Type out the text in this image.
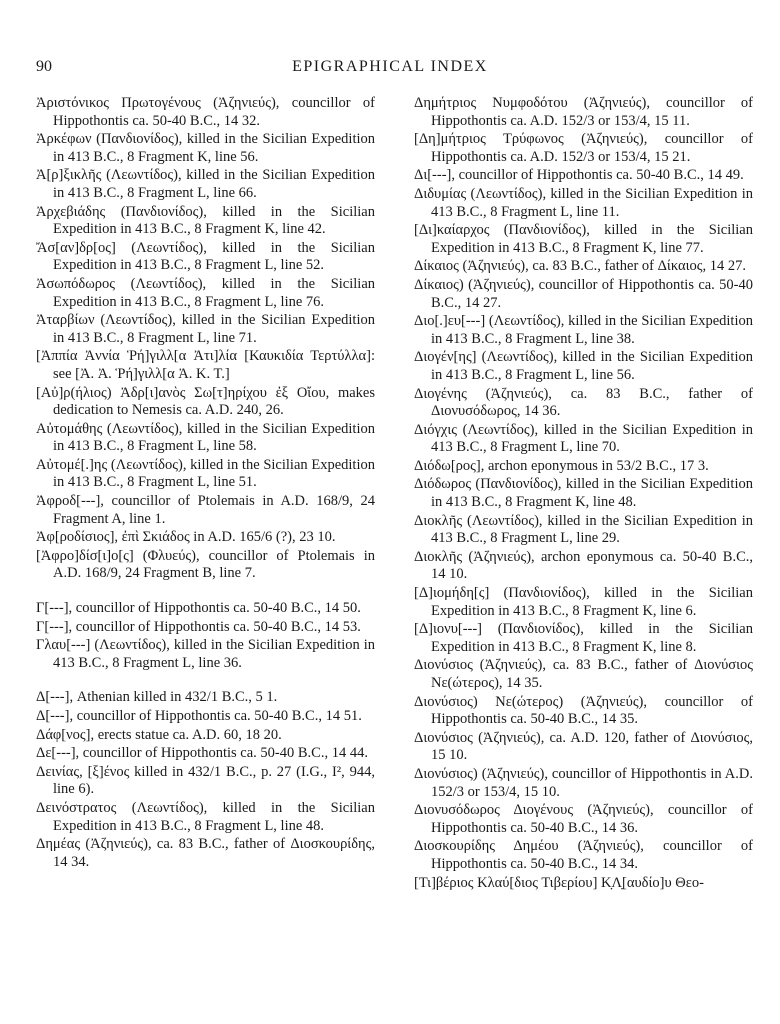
90	EPIGRAPHICAL INDEX

Ἀριστόνικος Πρωτογένους (Ἀζηνιεύς), councillor of Hippothontis ca. 50-40 B.C., 14 32.

Ἀρκέφων (Πανδιονίδος), killed in the Sicilian Expedition in 413 B.C., 8 Fragment K, line 56.

Ἀ[ρ]ξικλῆς (Λεωντίδος), killed in the Sicilian Expedition in 413 B.C., 8 Fragment L, line 66.

Ἀρχεβιάδης (Πανδιονίδος), killed in the Sicilian Expedition in 413 B.C., 8 Fragment K, line 42.

Ἄσ[αν]δρ[ος] (Λεωντίδος), killed in the Sicilian Expedition in 413 B.C., 8 Fragment L, line 52.

Ἀσωπόδωρος (Λεωντίδος), killed in the Sicilian Expedition in 413 B.C., 8 Fragment L, line 76.

Ἀταρβίων (Λεωντίδος), killed in the Sicilian Expedition in 413 B.C., 8 Fragment L, line 71.

[Ἀππία Ἀννία Ῥή]γιλλ[α Ἀτι]λία [Καυκιδία Τερτύλλα]: see [Ἀ. Ἀ. Ῥή]γιλλ[α Ἀ. Κ. Τ.]

[Αὐ]ρ(ήλιος) Ἀδρ[ι]ανὸς Σω[τ]ηρίχου ἐξ Οἴου, makes dedication to Nemesis ca. A.D. 240, 26.

Αὐτομάθης (Λεωντίδος), killed in the Sicilian Expedition in 413 B.C., 8 Fragment L, line 58.

Αὐτομέ[.]ης (Λεωντίδος), killed in the Sicilian Expedition in 413 B.C., 8 Fragment L, line 51.

Ἀφροδ[---], councillor of Ptolemais in A.D. 168/9, 24 Fragment A, line 1.

Ἀφ[ροδίσιος], ἐπὶ Σκιάδος in A.D. 165/6 (?), 23 10.

[Ἀφρο]δίσ[ι]ο[ς] (Φλυεύς), councillor of Ptolemais in A.D. 168/9, 24 Fragment B, line 7.

Γ[---], councillor of Hippothontis ca. 50-40 B.C., 14 50.

Γ[---], councillor of Hippothontis ca. 50-40 B.C., 14 53.

Γλαυ[---] (Λεωντίδος), killed in the Sicilian Expedition in 413 B.C., 8 Fragment L, line 36.

Δ[---], Athenian killed in 432/1 B.C., 5 1.

Δ[---], councillor of Hippothontis ca. 50-40 B.C., 14 51.

Δάφ[νος], erects statue ca. A.D. 60, 18 20.

Δε[---], councillor of Hippothontis ca. 50-40 B.C., 14 44.

Δεινίας, [ξ]ένος killed in 432/1 B.C., p. 27 (I.G., I², 944, line 6).

Δεινόστρατος (Λεωντίδος), killed in the Sicilian Expedition in 413 B.C., 8 Fragment L, line 48.

Δημέας (Ἀζηνιεύς), ca. 83 B.C., father of Διοσκουρίδης, 14 34.

Δημήτριος Νυμφοδότου (Ἀζηνιεύς), councillor of Hippothontis ca. A.D. 152/3 or 153/4, 15 11.

[Δη]μήτριος Τρύφωνος (Ἀζηνιεύς), councillor of Hippothontis ca. A.D. 152/3 or 153/4, 15 21.

Δι[---], councillor of Hippothontis ca. 50-40 B.C., 14 49.

Διδυμίας (Λεωντίδος), killed in the Sicilian Expedition in 413 B.C., 8 Fragment L, line 11.

[Δι]καίαρχος (Πανδιονίδος), killed in the Sicilian Expedition in 413 B.C., 8 Fragment K, line 77.

Δίκαιος (Ἀζηνιεύς), ca. 83 B.C., father of Δίκαιος, 14 27.

Δίκαιος) (Ἀζηνιεύς), councillor of Hippothontis ca. 50-40 B.C., 14 27.

Διο[.]ευ[---] (Λεωντίδος), killed in the Sicilian Expedition in 413 B.C., 8 Fragment L, line 38.

Διογέν[ης] (Λεωντίδος), killed in the Sicilian Expedition in 413 B.C., 8 Fragment L, line 56.

Διογένης (Ἀζηνιεύς), ca. 83 B.C., father of Διονυσόδωρος, 14 36.

Διόγχις (Λεωντίδος), killed in the Sicilian Expedition in 413 B.C., 8 Fragment L, line 70.

Διόδω[ρος], archon eponymous in 53/2 B.C., 17 3.

Διόδωρος (Πανδιονίδος), killed in the Sicilian Expedition in 413 B.C., 8 Fragment K, line 48.

Διοκλῆς (Λεωντίδος), killed in the Sicilian Expedition in 413 B.C., 8 Fragment L, line 29.

Διοκλῆς (Ἀζηνιεύς), archon eponymous ca. 50-40 B.C., 14 10.

[Δ]ιομήδη[ς] (Πανδιονίδος), killed in the Sicilian Expedition in 413 B.C., 8 Fragment K, line 6.

[Δ]ιονυ[---] (Πανδιονίδος), killed in the Sicilian Expedition in 413 B.C., 8 Fragment K, line 8.

Διονύσιος (Ἀζηνιεύς), ca. 83 B.C., father of Διονύσιος Νε(ώτερος), 14 35.

Διονύσιος) Νε(ώτερος) (Ἀζηνιεύς), councillor of Hippothontis ca. 50-40 B.C., 14 35.

Διονύσιος (Ἀζηνιεύς), ca. A.D. 120, father of Διονύσιος, 15 10.

Διονύσιος) (Ἀζηνιεύς), councillor of Hippothontis in A.D. 152/3 or 153/4, 15 10.

Διονυσόδωρος Διογένους (Ἀζηνιεύς), councillor of Hippothontis ca. 50-40 B.C., 14 36.

Διοσκουρίδης Δημέου (Ἀζηνιεύς), councillor of Hippothontis ca. 50-40 B.C., 14 34.

[Τι]βέριος Κλαύ[διος Τιβερίου] Κ̣Λ̣[αυδίο]υ Θεο-
